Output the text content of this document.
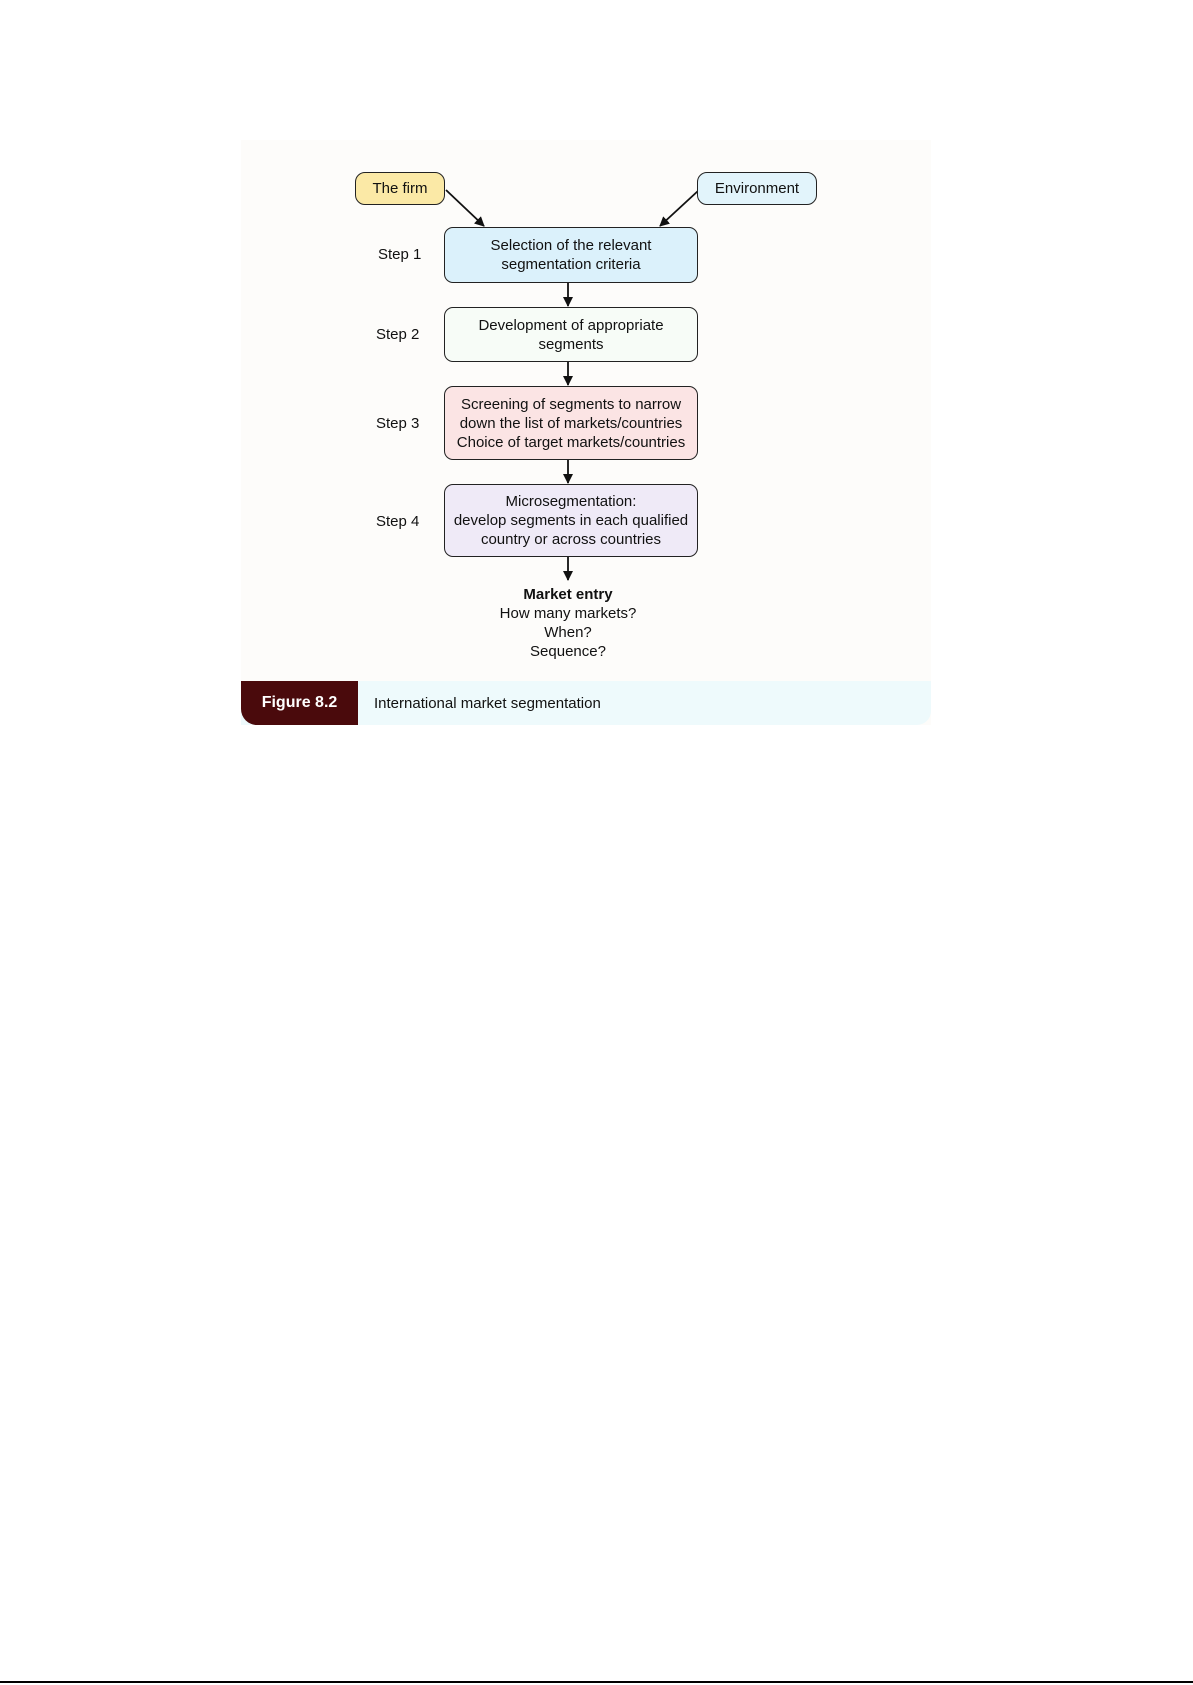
The firm	Environment
Step 1
Selection of the relevant
segmentation criteria
Step 2
Development of appropriate
segments
Step 3
Screening of segments to narrow
down the list of markets/countries
Choice of target markets/countries
Step 4
Microsegmentation:
develop segments in each qualified
country or across countries
Market entry
How many markets?
When?
Sequence?
Figure 8.2	International market segmentation
